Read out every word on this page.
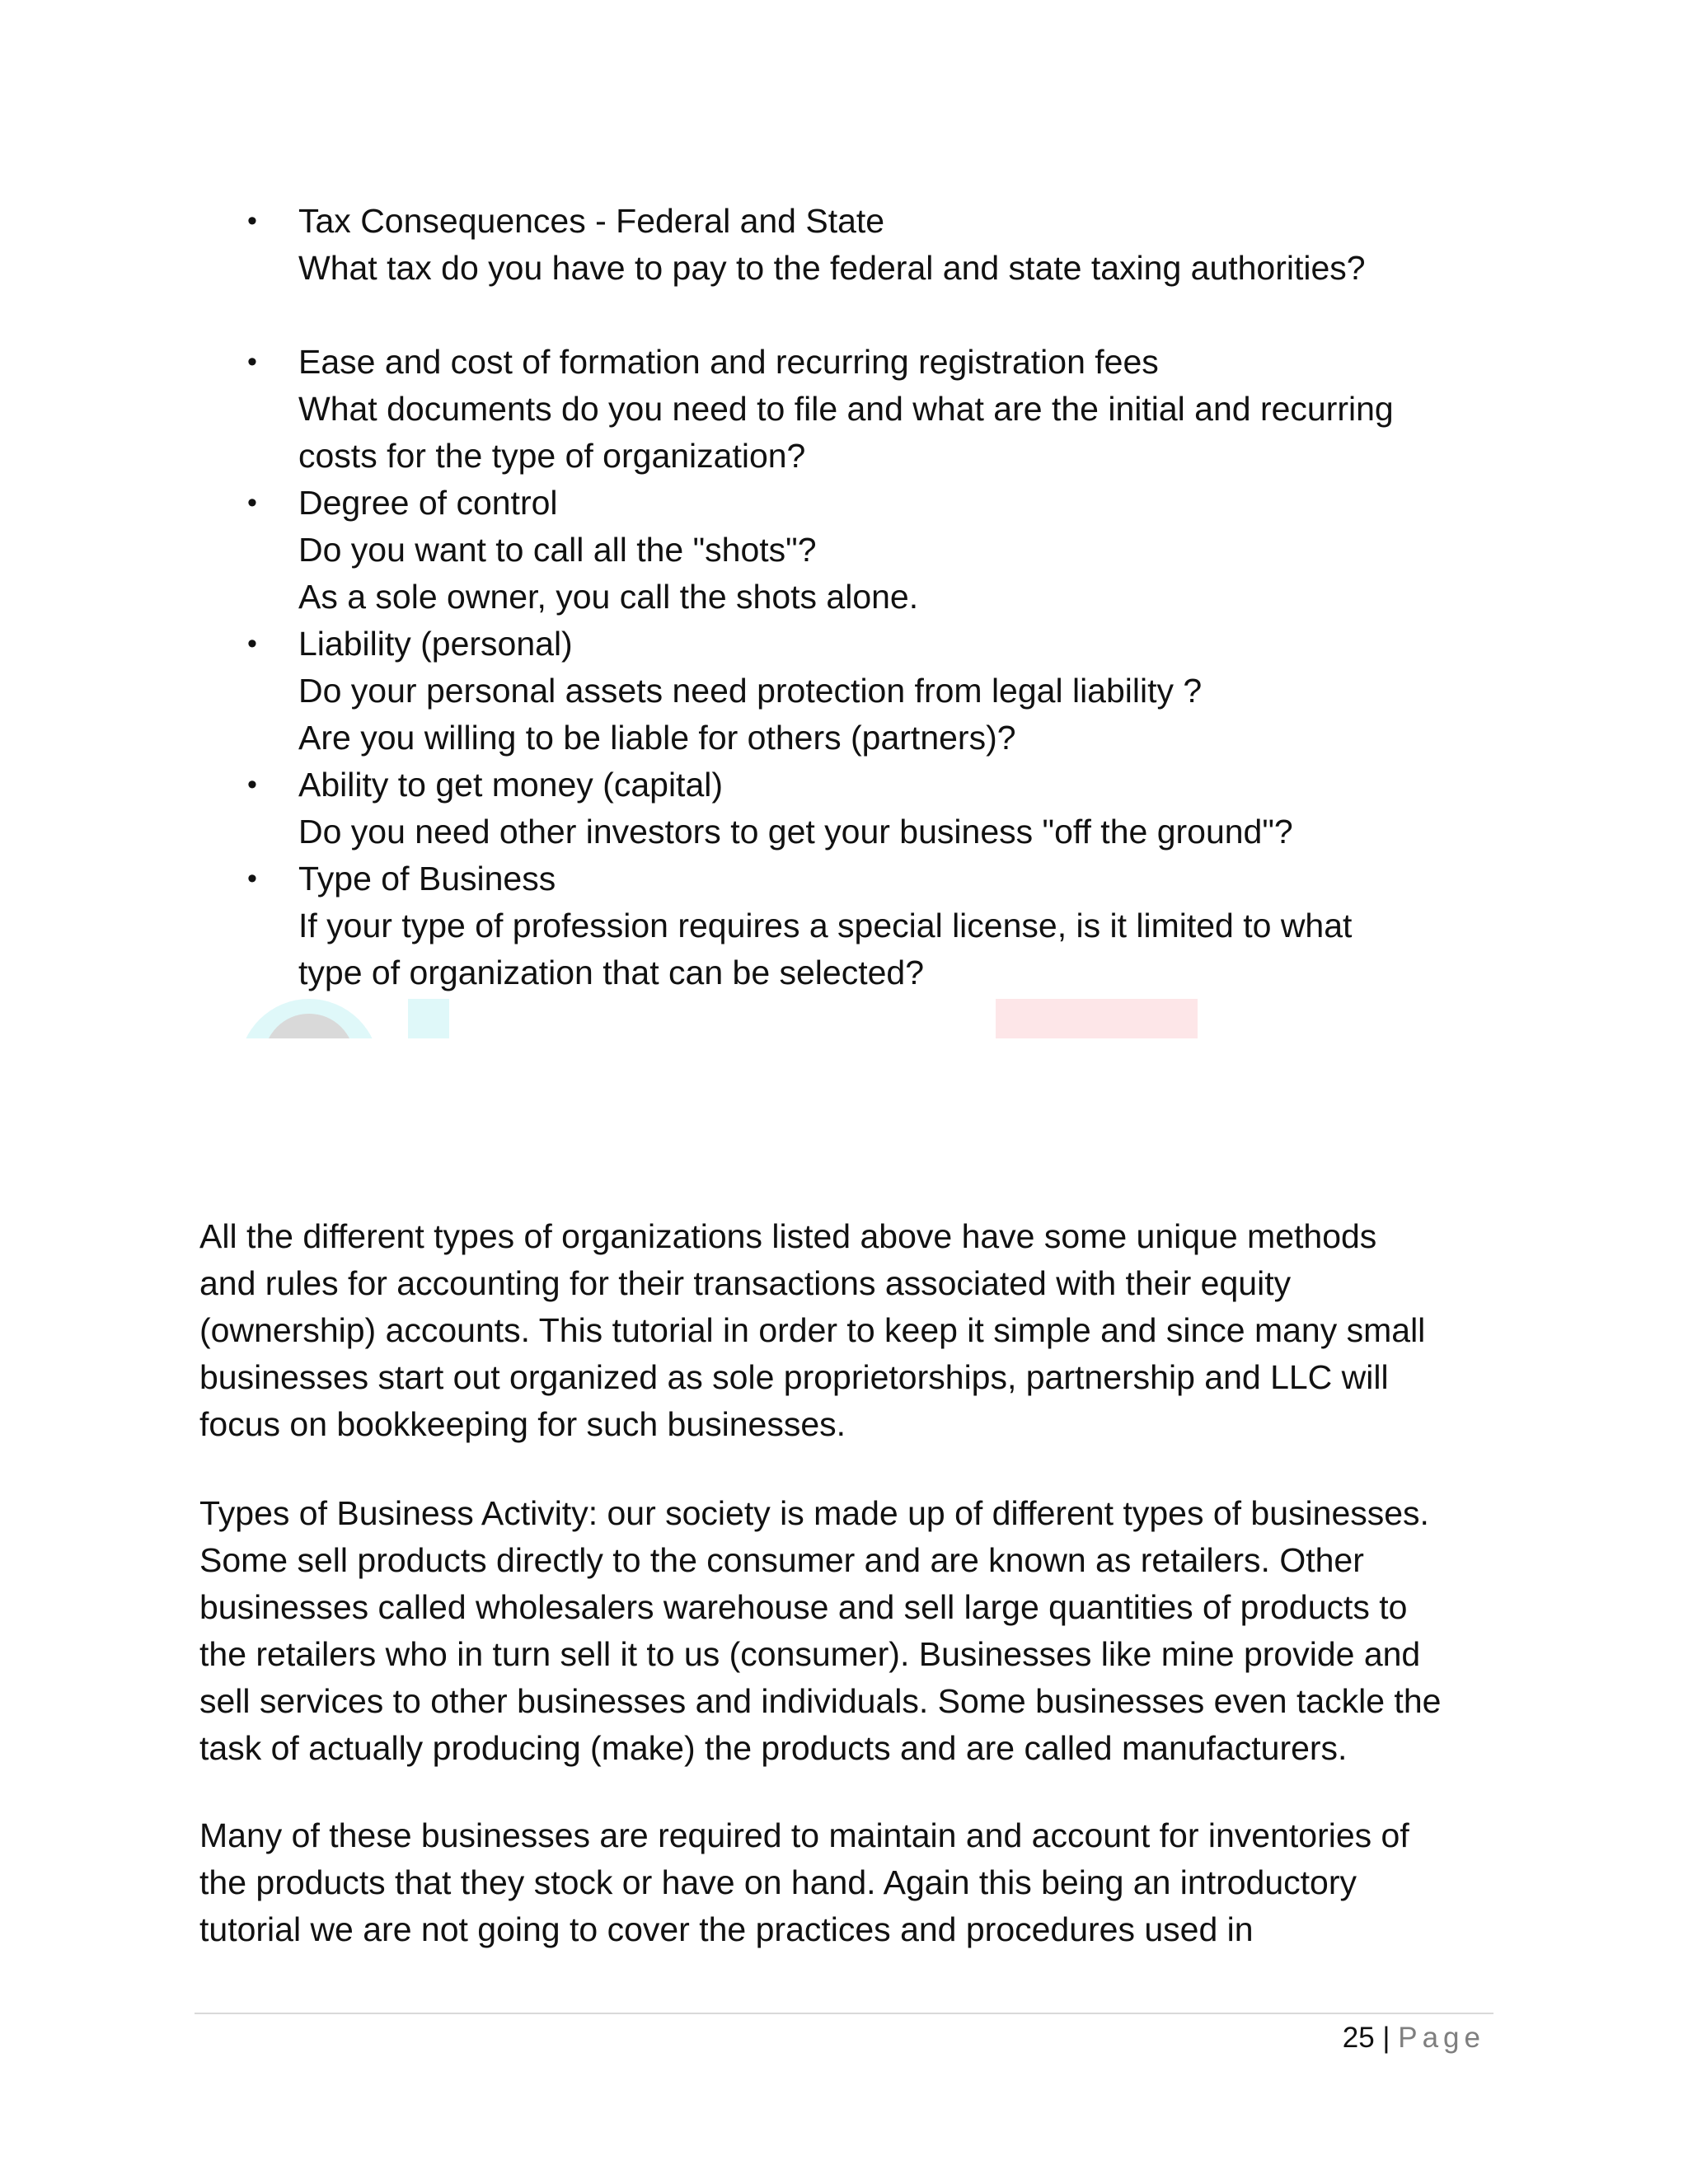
• Tax Consequences - Federal and State
What tax do you have to pay to the federal and state taxing authorities?
• Ease and cost of formation and recurring registration fees
What documents do you need to file and what are the initial and recurring
costs for the type of organization?
• Degree of control
Do you want to call all the "shots"?
As a sole owner, you call the shots alone.
• Liability (personal)
Do your personal assets need protection from legal liability ?
Are you willing to be liable for others (partners)?
• Ability to get money (capital)
Do you need other investors to get your business "off the ground"?
• Type of Business
If your type of profession requires a special license, is it limited to what
type of organization that can be selected?

All the different types of organizations listed above have some unique methods
and rules for accounting for their transactions associated with their equity
(ownership) accounts. This tutorial in order to keep it simple and since many small
businesses start out organized as sole proprietorships, partnership and LLC will
focus on bookkeeping for such businesses.

Types of Business Activity: our society is made up of different types of businesses.
Some sell products directly to the consumer and are known as retailers. Other
businesses called wholesalers warehouse and sell large quantities of products to
the retailers who in turn sell it to us (consumer). Businesses like mine provide and
sell services to other businesses and individuals. Some businesses even tackle the
task of actually producing (make) the products and are called manufacturers.

Many of these businesses are required to maintain and account for inventories of
the products that they stock or have on hand. Again this being an introductory
tutorial we are not going to cover the practices and procedures used in

25 | Page
